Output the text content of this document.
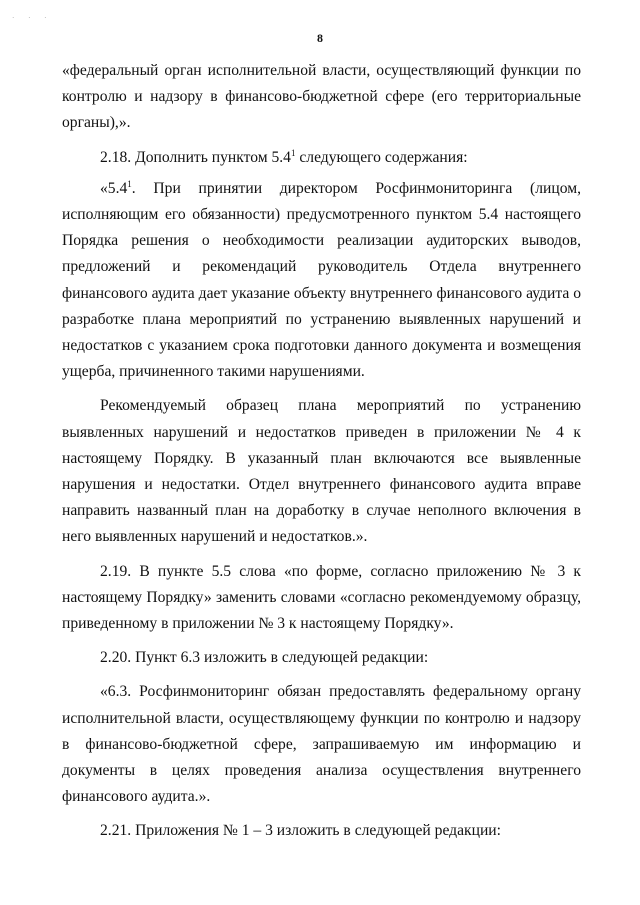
· · ·
8

«федеральный орган исполнительной власти, осуществляющий функции по контролю и надзору в финансово-бюджетной сфере (его территориальные органы),».

2.18. Дополнить пунктом $5.4^1$ следующего содержания:

«$5.4^1$. При принятии директором Росфинмониторинга (лицом, исполняющим его обязанности) предусмотренного пунктом 5.4 настоящего Порядка решения о необходимости реализации аудиторских выводов, предложений и рекомендаций руководитель Отдела внутреннего финансового аудита дает указание объекту внутреннего финансового аудита о разработке плана мероприятий по устранению выявленных нарушений и недостатков с указанием срока подготовки данного документа и возмещения ущерба, причиненного такими нарушениями.

Рекомендуемый образец плана мероприятий по устранению выявленных нарушений и недостатков приведен в приложении № 4 к настоящему Порядку. В указанный план включаются все выявленные нарушения и недостатки. Отдел внутреннего финансового аудита вправе направить названный план на доработку в случае неполного включения в него выявленных нарушений и недостатков.».

2.19. В пункте 5.5 слова «по форме, согласно приложению № 3 к настоящему Порядку» заменить словами «согласно рекомендуемому образцу, приведенному в приложении № 3 к настоящему Порядку».

2.20. Пункт 6.3 изложить в следующей редакции:

«6.3. Росфинмониторинг обязан предоставлять федеральному органу исполнительной власти, осуществляющему функции по контролю и надзору в финансово-бюджетной сфере, запрашиваемую им информацию и документы в целях проведения анализа осуществления внутреннего финансового аудита.».

2.21. Приложения № 1 – 3 изложить в следующей редакции:
